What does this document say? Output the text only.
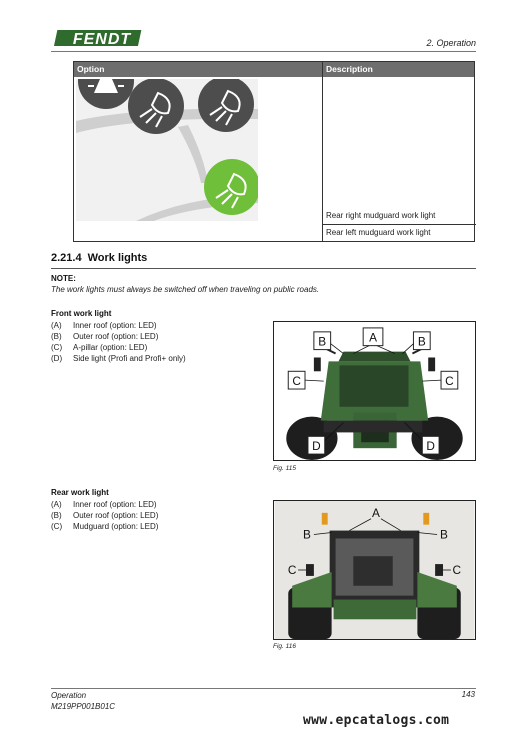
FENDT	2. Operation
Option	Description
Rear right mudguard work light
Rear left mudguard work light
2.21.4 Work lights
NOTE:
The work lights must always be switched off when traveling on public roads.
Front work light
(A)	Inner roof (option: LED)
(B)	Outer roof (option: LED)
(C)	A-pillar (option: LED)
(D)	Side light (Profi and Profi+ only)
A
B	B
C	C
D	D
Fig. 115
Rear work light
(A)	Inner roof (option: LED)
(B)	Outer roof (option: LED)
(C)	Mudguard (option: LED)
A
B	B
C	C
Fig. 116
Operation
M219PP001B01C
143
www.epcatalogs.com
